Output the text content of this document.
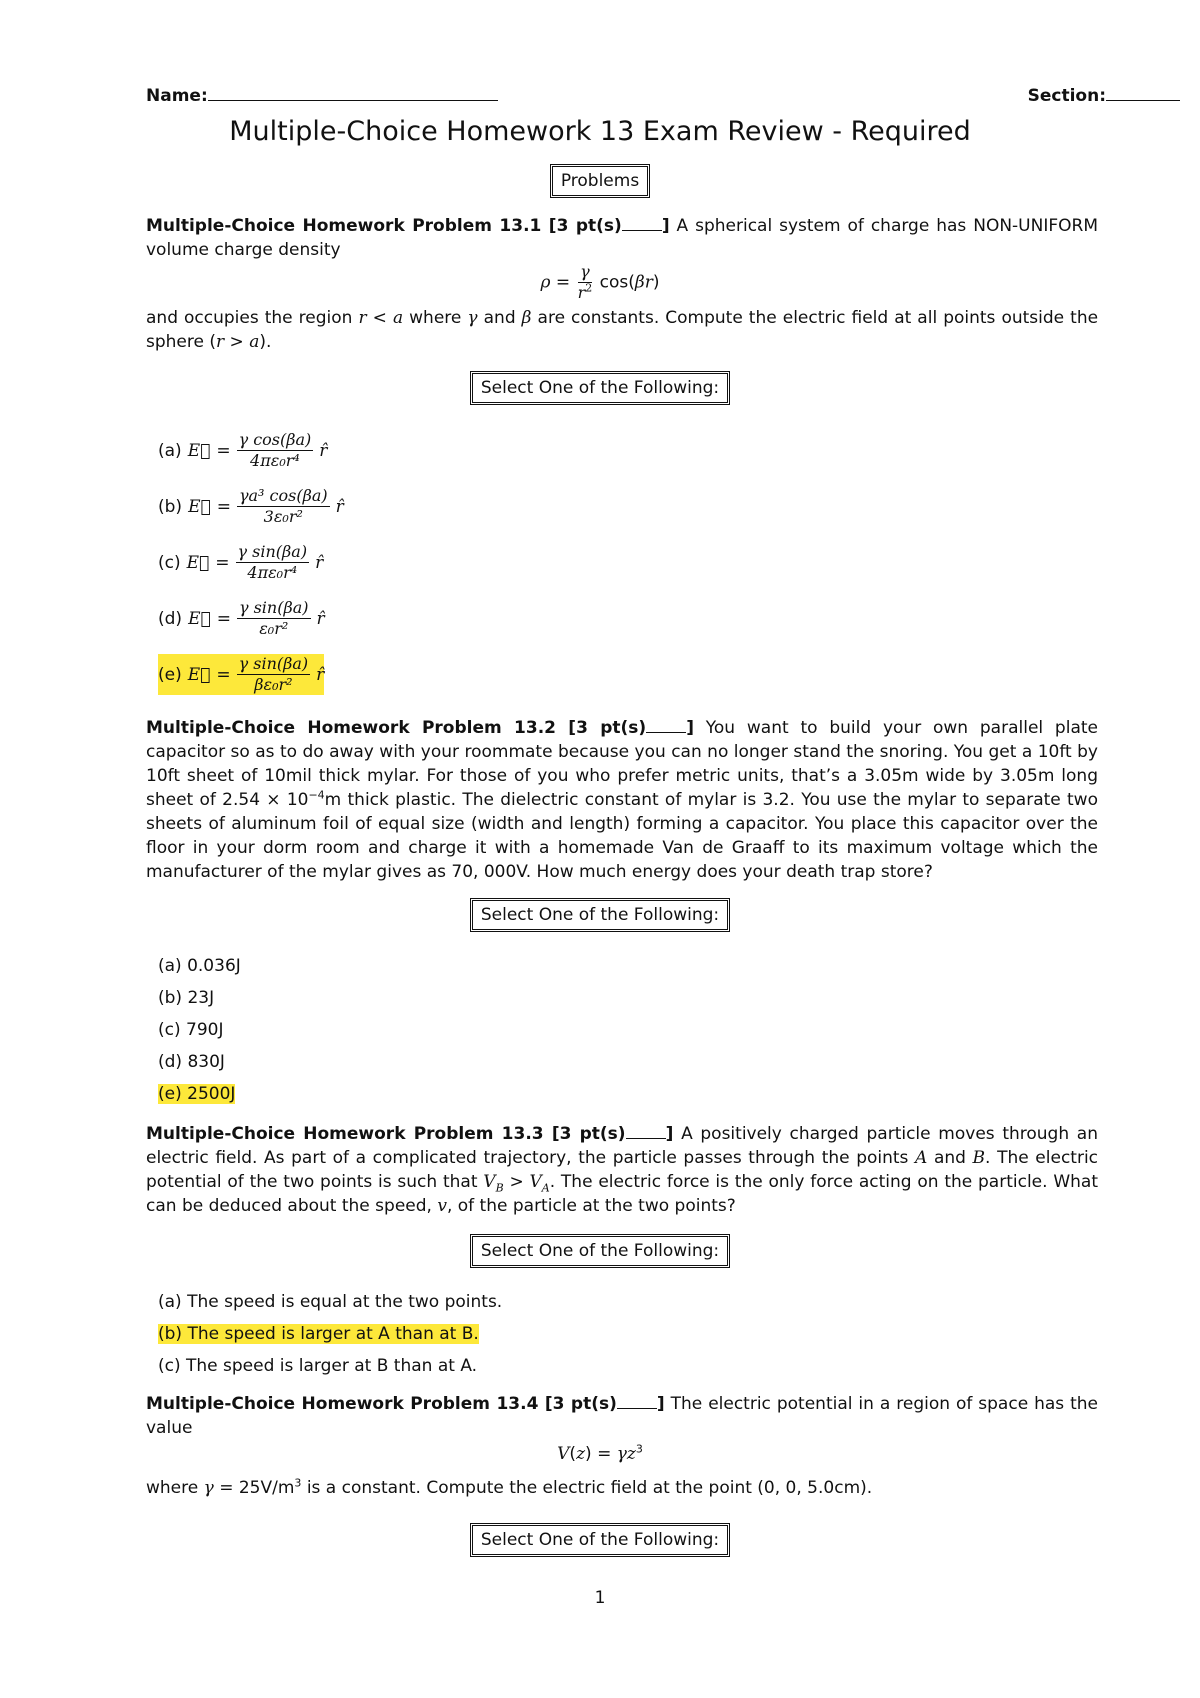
Name:	Section:
Multiple-Choice Homework 13 Exam Review - Required
Problems
Multiple-Choice Homework Problem 13.1 [3 pt(s) ] A spherical system of charge has NON-UNIFORM volume charge density
$\rho = \frac{\gamma}{r^2} \cos(\beta r)$
and occupies the region r < a where γ and β are constants. Compute the electric field at all points outside the sphere (r > a).
Select One of the Following:
(a) E⃗ = $\frac{\text{γ cos(βa)}}{\text{4πε₀r⁴}}$ r̂
(b) E⃗ = $\frac{\text{γa³ cos(βa)}}{\text{3ε₀r²}}$ r̂
(c) E⃗ = $\frac{\text{γ sin(βa)}}{\text{4πε₀r⁴}}$ r̂
(d) E⃗ = $\frac{\text{γ sin(βa)}}{\text{ε₀r²}}$ r̂
(e) E⃗ = $\frac{\text{γ sin(βa)}}{\text{βε₀r²}}$ r̂
Multiple-Choice Homework Problem 13.2 [3 pt(s) ] You want to build your own parallel plate capacitor so as to do away with your roommate because you can no longer stand the snoring. You get a 10ft by 10ft sheet of 10mil thick mylar. For those of you who prefer metric units, that’s a 3.05m wide by 3.05m long sheet of $2.54 \times 10^{-4}m$ thick plastic. The dielectric constant of mylar is 3.2. You use the mylar to separate two sheets of aluminum foil of equal size (width and length) forming a capacitor. You place this capacitor over the floor in your dorm room and charge it with a homemade Van de Graaff to its maximum voltage which the manufacturer of the mylar gives as 70, 000V. How much energy does your death trap store?
Select One of the Following:
(a) 0.036J
(b) 23J
(c) 790J
(d) 830J
(e) 2500J
Multiple-Choice Homework Problem 13.3 [3 pt(s) ] A positively charged particle moves through an electric field. As part of a complicated trajectory, the particle passes through the points A and B. The electric potential of the two points is such that $V_B > V_A$. The electric force is the only force acting on the particle. What can be deduced about the speed, v, of the particle at the two points?
Select One of the Following:
(a) The speed is equal at the two points.
(b) The speed is larger at A than at B.
(c) The speed is larger at B than at A.
Multiple-Choice Homework Problem 13.4 [3 pt(s) ] The electric potential in a region of space has the value
$V(z) = \gamma z^3$
where $\gamma = 25V/m^3$ is a constant. Compute the electric field at the point (0, 0, 5.0cm).
Select One of the Following:
1
